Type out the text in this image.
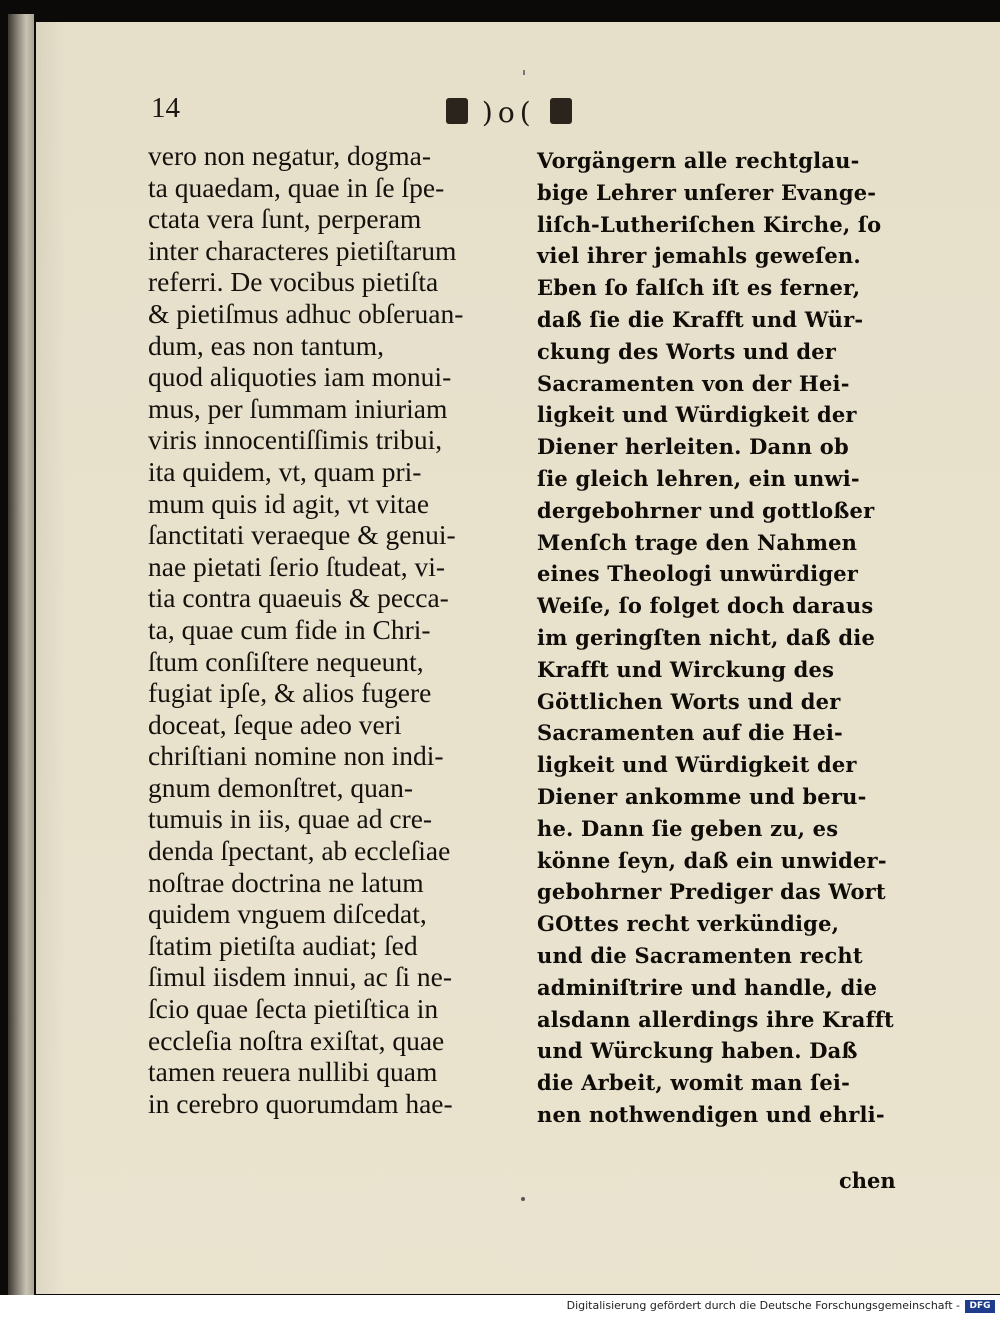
14	)o(
vero non negatur, dogma-
ta quaedam, quae in ſe ſpe-
ctata vera ſunt, perperam
inter characteres pietiſtarum
referri. De vocibus pietiſta
& pietiſmus adhuc obſeruan-
dum, eas non tantum,
quod aliquoties iam monui-
mus, per ſummam iniuriam
viris innocentiſſimis tribui,
ita quidem, vt, quam pri-
mum quis id agit, vt vitae
ſanctitati veraeque & genui-
nae pietati ſerio ſtudeat, vi-
tia contra quaeuis & pecca-
ta, quae cum fide in Chri-
ſtum conſiſtere nequeunt,
fugiat ipſe, & alios fugere
doceat, ſeque adeo veri
chriſtiani nomine non indi-
gnum demonſtret, quan-
tumuis in iis, quae ad cre-
denda ſpectant, ab eccleſiae
noſtrae doctrina ne latum
quidem vnguem diſcedat,
ſtatim pietiſta audiat; ſed
ſimul iisdem innui, ac ſi ne-
ſcio quae ſecta pietiſtica in
eccleſia noſtra exiſtat, quae
tamen reuera nullibi quam
in cerebro quorumdam hae-
Vorgängern alle rechtglau-
bige Lehrer unſerer Evange-
liſch-Lutheriſchen Kirche, ſo
viel ihrer jemahls geweſen.
Eben ſo falſch iſt es ferner,
daß ſie die Krafft und Wür-
ckung des Worts und der
Sacramenten von der Hei-
ligkeit und Würdigkeit der
Diener herleiten. Dann ob
ſie gleich lehren, ein unwi-
dergebohrner und gottloßer
Menſch trage den Nahmen
eines Theologi unwürdiger
Weiſe, ſo folget doch daraus
im geringſten nicht, daß die
Krafft und Wirckung des
Göttlichen Worts und der
Sacramenten auf die Hei-
ligkeit und Würdigkeit der
Diener ankomme und beru-
he. Dann ſie geben zu, es
könne ſeyn, daß ein unwider-
gebohrner Prediger das Wort
GOttes recht verkündige,
und die Sacramenten recht
adminiſtrire und handle, die
alsdann allerdings ihre Krafft
und Würckung haben. Daß
die Arbeit, womit man ſei-
nen nothwendigen und ehrli-
chen
Digitalisierung gefördert durch die Deutsche Forschungsgemeinschaft -	DFG
